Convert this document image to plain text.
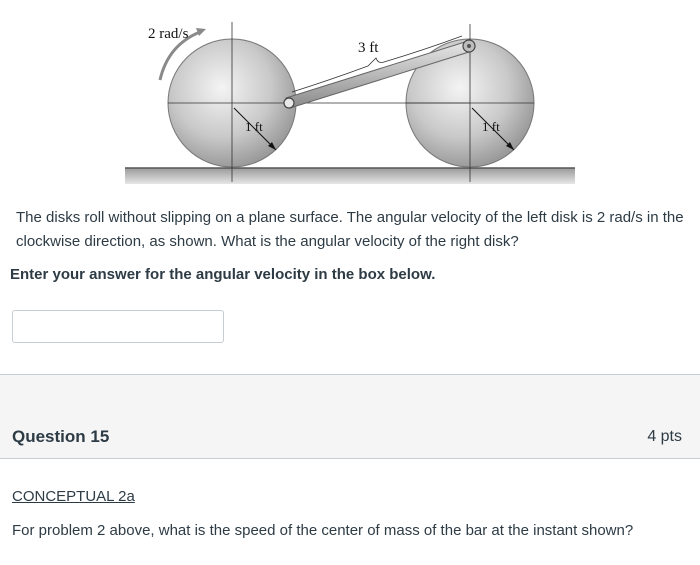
2 rad/s
3 ft
1 ft	1 ft
The disks roll without slipping on a plane surface. The angular velocity of the left disk is 2 rad/s in the clockwise direction, as shown. What is the angular velocity of the right disk?
Enter your answer for the angular velocity in the box below.
Question 15	4 pts
CONCEPTUAL 2a
For problem 2 above, what is the speed of the center of mass of the bar at the instant shown?
